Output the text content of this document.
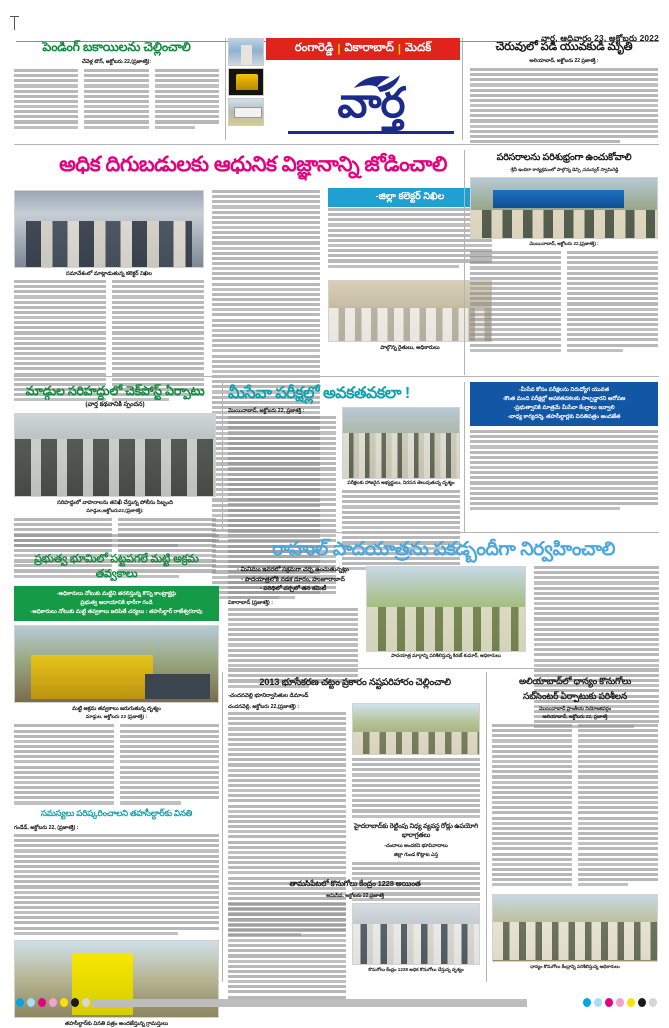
వార్త, ఆదివారం 23, అక్టోబరు 2022
రంగారెడ్డి | వికారాబాద్ | మెద‌క్
వార్త
పెండింగ్ బకాయిలను చెల్లించాలి
చేవెళ్ల టౌన్‌, అక్టోబరు 22,(ప్రజాశక్తి):
చెరువులో పడి యువకుడి మృతి
అలియాబాద్‌, అక్టోబరు 22 ప్రజాశక్తి :
అధిక దిగుబడులకు ఆధునిక విజ్ఞానాన్ని జోడించాలి
-జిల్లా కలెక్టర్ నిఖిల
సమావేశంలో మాట్లాడుతున్న కలెక్టర్ నిఖిల
పాల్గొన్న రైతులు, అధికారులు
పరిసరాలను పరిశుభ్రంగా ఉంచుకోవాలి
-శ్రీనీ ఇందిరా కార్యక్రమంలో పాల్గొన్న డెన్సి ,సమన్వర్ స్వామిరెడ్డి
మొయినాబాద్‌, అక్టోబరు 22,(ప్రజాశక్తి) :
మాడ్గుల సరిహద్దులో చెక్‌పోస్ట్ ఏర్పాటు
(వార్త కథనానికి స్పందన)
సరిహద్దులో వాహనాలను తనిఖీ చేస్తున్న పోలీసు సిబ్బంది
మాడ్గుల,అక్టోబరు22,(ప్రజాశక్తి):
మీసేవా పరీక్షల్లో అవకతవకలా !
మొయినాబాద్‌, అక్టోబరు 22, ప్రజాశక్తి :
పరీక్షలకు హాజరైన అభ్యర్థులు, నిరసన తెలుపుతున్న దృశ్యం
-మీసేవ కోసం పరీక్షలను నిరుద్యోగ యువత
-కొంత మంది పరీక్షల్లో అవకతవకలకు పాల్పడ్డారని ఆరోపణ
-ప్రభుత్వానికి మాత్రమే మీసేవా కేంద్రాలు ఇవ్వాలి
-బాధ్య కార్యదర్శి, తహసీల్దార్లకు వినతిపత్రం అందజేత
ప్రభుత్వ భూమిలో పట్టపగలే మట్టి అక్రమ తవ్వకాలు
-అధికారులు నోటుకు మట్టిని తరలిస్తున్న కొన్ని కాంట్రాక్టర్లు
ప్రభుత్వ ఆదాయానికి భారీగా గండి
-అధికారులు నోటుకు మట్టి తవ్వకాలు జరిపితే చర్యలు : తహసీల్దార్ రాజేశ్వరరావు
మట్టి అక్రమ తవ్వకాలు జరుగుతున్న దృశ్యం
మాడ్గుల, అక్టోబరు 22 (ప్రజాశక్తి) :
రాహుల్ పాదయాత్రను పకడ్బందీగా నిర్వహించాలి
- మినిమం ఇవరలో సక్రమగా చర్చ ఉంచుతున్నట్లు
- పాదయాత్రలోకి నడ‌క‌ దూరం‌, హుజూరాబాద్
- పరిధిలో‌ చర్చలో తన‌ కమిటీ
వికారాబాద్‌ (ప్రజాశక్తి) :
పాదయాత్ర మార్గాన్ని పరిశీలిస్తున్న కిరణ్ కుమార్, అధికారులు
2013 భూసేకరణ చట్టం ప్రకారం నష్టపరిహారం చెల్లించాలి
-చందనవెల్లి భూనిర్వాసితుల డిమాండ్
చందనవెల్లి, అక్టోబరు 22,(ప్రజాశక్తి) :
హైదరాబాద్‌కు రెట్టింపు నిధ్య వ్యవస్థ రోడ్లు ఉపయోగి భారాగ్రతలు
-చందాలు అందకని భూవివాదాలు
జిల్లా గుండ కొట్లాట ఎస్త
తామసిపేటలో కొనుగోలు కేంద్రం 1228 అయింత
అమిసేవ, అక్టోబరు 22,ప్రజాశక్తి
కొనుగోలు కేంద్రం 1228 అధిక కొనుగోలు చేస్తున్న దృశ్యం
అలియాబాద్‌లో ధాన్యం కొనుగోలు
సబ్‌సెంటర్ ఏర్పాటుకు పరిశీలన
మొయినాబాద్ ప్రాంతీయ నియోజకవర్గం
అలియాబాద్‌, అక్టోబరు 22, ప్రజాశక్తి
ధాన్యం కొనుగోలు కేంద్రాన్ని పరిశీలిస్తున్న అధికారులు
సమస్యలు పరిష్కరించాలని తహసీల్దార్‌కు వినతి
గండేడ్‌, అక్టోబరు 22, (ప్రజాశక్తి) :
తహసీల్దార్‌కు వినతి పత్రం అందజేస్తున్న గ్రామస్తులు
